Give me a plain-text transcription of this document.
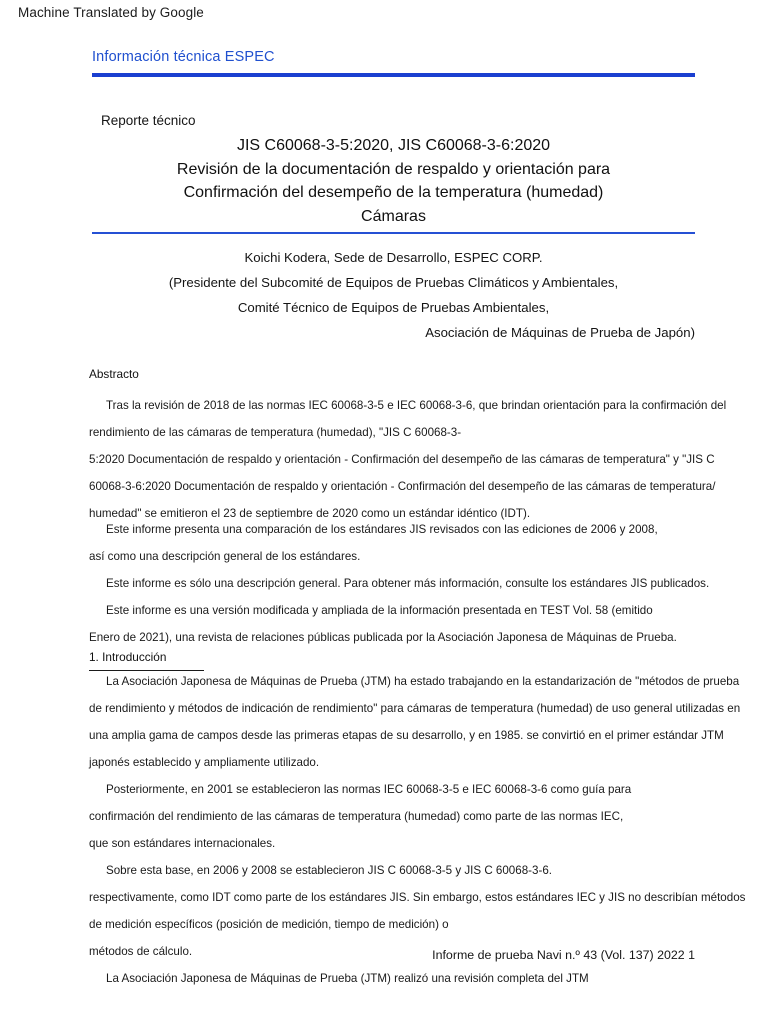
Machine Translated by Google
Información técnica ESPEC
Reporte técnico
JIS C60068-3-5:2020, JIS C60068-3-6:2020
Revisión de la documentación de respaldo y orientación para
Confirmación del desempeño de la temperatura (humedad)
Cámaras
Koichi Kodera, Sede de Desarrollo, ESPEC CORP.
(Presidente del Subcomité de Equipos de Pruebas Climáticos y Ambientales,
Comité Técnico de Equipos de Pruebas Ambientales,
Asociación de Máquinas de Prueba de Japón)
Abstracto

Tras la revisión de 2018 de las normas IEC 60068-3-5 e IEC 60068-3-6, que brindan orientación para la confirmación del

rendimiento de las cámaras de temperatura (humedad), "JIS C 60068-3-

5:2020 Documentación de respaldo y orientación - Confirmación del desempeño de las cámaras de temperatura" y "JIS C

60068-3-6:2020 Documentación de respaldo y orientación - Confirmación del desempeño de las cámaras de temperatura/

humedad" se emitieron el 23 de septiembre de 2020 como un estándar idéntico (IDT).

Este informe presenta una comparación de los estándares JIS revisados con las ediciones de 2006 y 2008,

así como una descripción general de los estándares.

Este informe es sólo una descripción general. Para obtener más información, consulte los estándares JIS publicados.

Este informe es una versión modificada y ampliada de la información presentada en TEST Vol. 58 (emitido

Enero de 2021), una revista de relaciones públicas publicada por la Asociación Japonesa de Máquinas de Prueba.

1. Introducción

La Asociación Japonesa de Máquinas de Prueba (JTM) ha estado trabajando en la estandarización de "métodos de prueba

de rendimiento y métodos de indicación de rendimiento" para cámaras de temperatura (humedad) de uso general utilizadas en

una amplia gama de campos desde las primeras etapas de su desarrollo, y en 1985. se convirtió en el primer estándar JTM

japonés establecido y ampliamente utilizado.

Posteriormente, en 2001 se establecieron las normas IEC 60068-3-5 e IEC 60068-3-6 como guía para

confirmación del rendimiento de las cámaras de temperatura (humedad) como parte de las normas IEC,

que son estándares internacionales.

Sobre esta base, en 2006 y 2008 se establecieron JIS C 60068-3-5 y JIS C 60068-3-6.

respectivamente, como IDT como parte de los estándares JIS. Sin embargo, estos estándares IEC y JIS no describían métodos

de medición específicos (posición de medición, tiempo de medición) o

métodos de cálculo.

La Asociación Japonesa de Máquinas de Prueba (JTM) realizó una revisión completa del JTM

Informe de prueba Navi n.º 43 (Vol. 137) 2022 1
